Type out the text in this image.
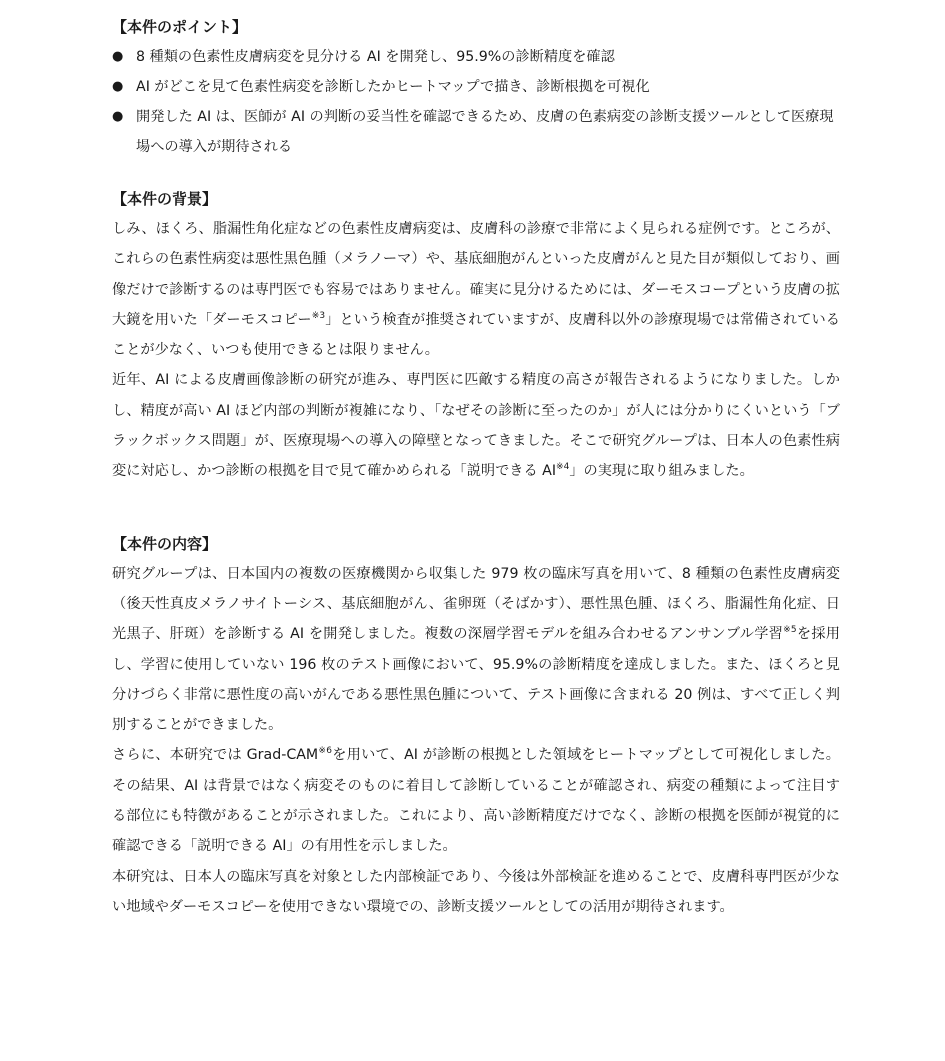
【本件のポイント】
● 8 種類の色素性皮膚病変を見分ける AI を開発し、95.9%の診断精度を確認
● AI がどこを見て色素性病変を診断したかヒートマップで描き、診断根拠を可視化
● 開発した AI は、医師が AI の判断の妥当性を確認できるため、皮膚の色素病変の診断支援ツールとして医療現場への導入が期待される
【本件の背景】

しみ、ほくろ、脂漏性角化症などの色素性皮膚病変は、皮膚科の診療で非常によく見られる症例です。ところが、これらの色素性病変は悪性黒色腫（メラノーマ）や、基底細胞がんといった皮膚がんと見た目が類似しており、画像だけで診断するのは専門医でも容易ではありません。確実に見分けるためには、ダーモスコープという皮膚の拡大鏡を用いた「ダーモスコピー$^{※3}$」という検査が推奨されていますが、皮膚科以外の診療現場では常備されていることが少なく、いつも使用できるとは限りません。

近年、AI による皮膚画像診断の研究が進み、専門医に匹敵する精度の高さが報告されるようになりました。しかし、精度が高い AI ほど内部の判断が複雑になり、「なぜその診断に至ったのか」が人には分かりにくいという「ブラックボックス問題」が、医療現場への導入の障壁となってきました。そこで研究グループは、日本人の色素性病変に対応し、かつ診断の根拠を目で見て確かめられる「説明できる AI$^{※4}$」の実現に取り組みました。

【本件の内容】

研究グループは、日本国内の複数の医療機関から収集した 979 枚の臨床写真を用いて、8 種類の色素性皮膚病変（後天性真皮メラノサイトーシス、基底細胞がん、雀卵斑（そばかす）、悪性黒色腫、ほくろ、脂漏性角化症、日光黒子、肝斑）を診断する AI を開発しました。複数の深層学習モデルを組み合わせるアンサンブル学習$^{※5}$を採用し、学習に使用していない 196 枚のテスト画像において、95.9%の診断精度を達成しました。また、ほくろと見分けづらく非常に悪性度の高いがんである悪性黒色腫について、テスト画像に含まれる 20 例は、すべて正しく判別することができました。

さらに、本研究では Grad-CAM$^{※6}$を用いて、AI が診断の根拠とした領域をヒートマップとして可視化しました。その結果、AI は背景ではなく病変そのものに着目して診断していることが確認され、病変の種類によって注目する部位にも特徴があることが示されました。これにより、高い診断精度だけでなく、診断の根拠を医師が視覚的に確認できる「説明できる AI」の有用性を示しました。

本研究は、日本人の臨床写真を対象とした内部検証であり、今後は外部検証を進めることで、皮膚科専門医が少ない地域やダーモスコピーを使用できない環境での、診断支援ツールとしての活用が期待されます。
